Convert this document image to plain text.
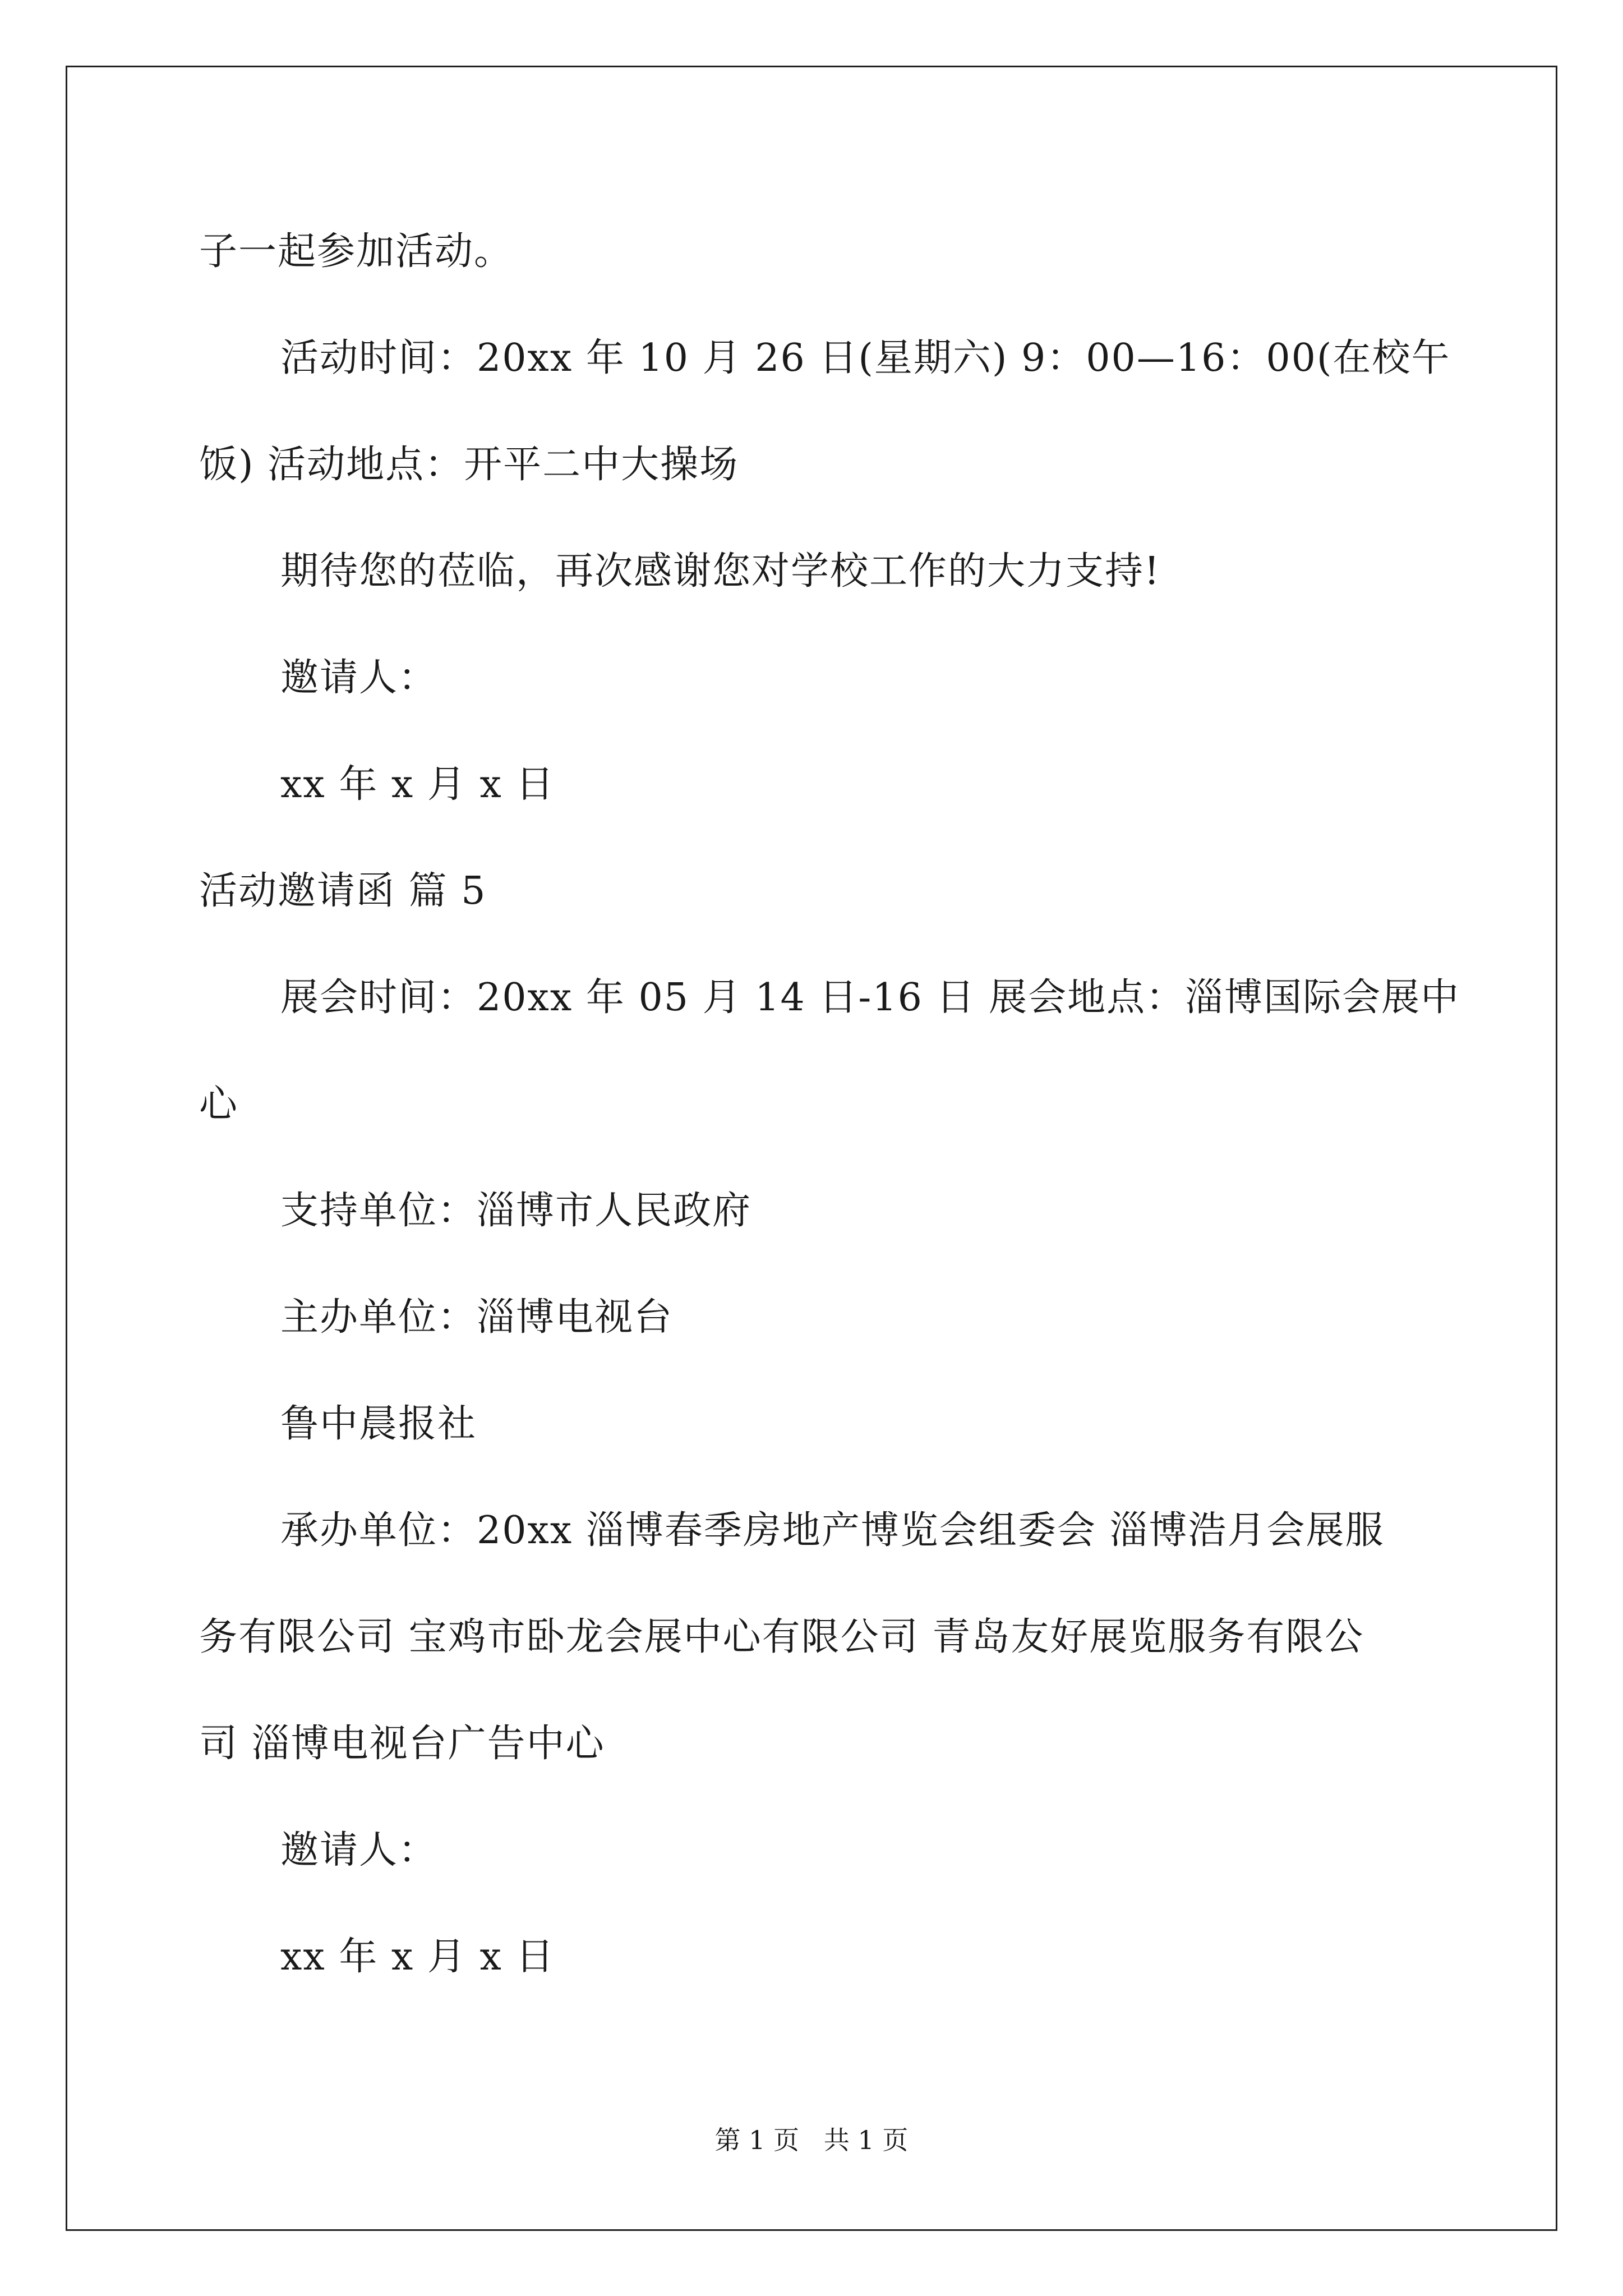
子一起参加活动。
活动时间：20xx 年 10 月 26 日(星期六) 9：00—16：00(在校午
饭) 活动地点：开平二中大操场
期待您的莅临，再次感谢您对学校工作的大力支持!
邀请人：
xx 年 x 月 x 日
活动邀请函 篇 5
展会时间：20xx 年 05 月 14 日-16 日 展会地点：淄博国际会展中
心
支持单位：淄博市人民政府
主办单位：淄博电视台
鲁中晨报社
承办单位：20xx 淄博春季房地产博览会组委会 淄博浩月会展服
务有限公司 宝鸡市卧龙会展中心有限公司 青岛友好展览服务有限公
司 淄博电视台广告中心
邀请人：
xx 年 x 月 x 日
第 1 页   共 1 页
